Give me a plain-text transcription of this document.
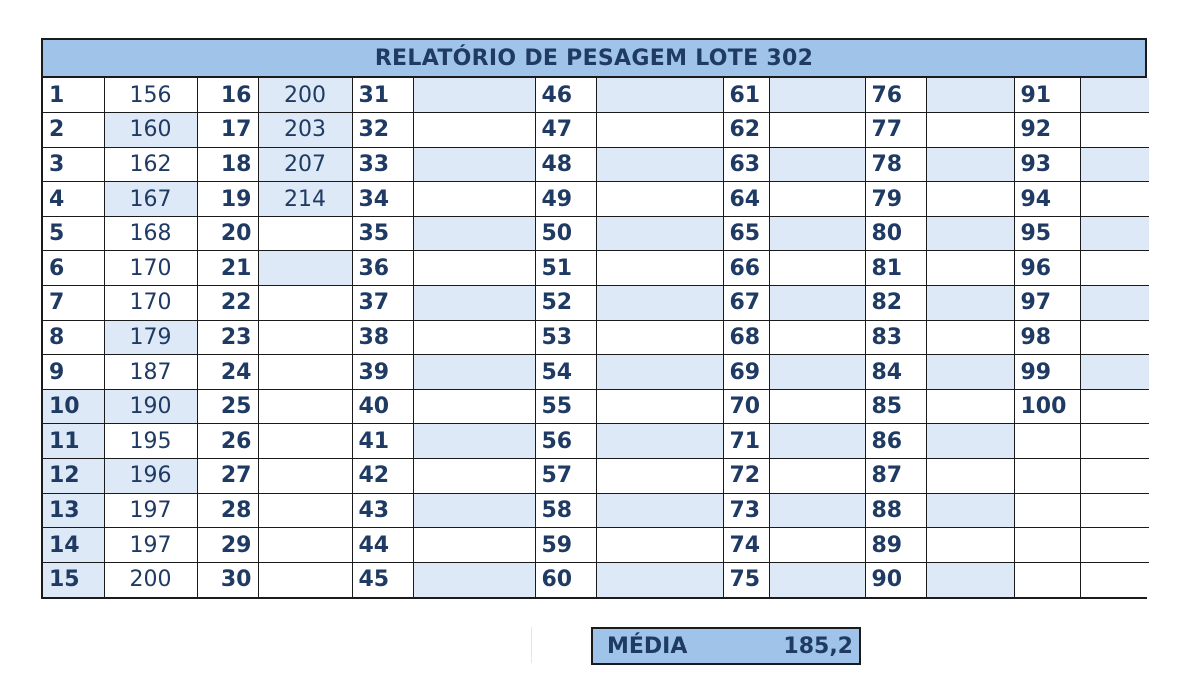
RELATÓRIO DE PESAGEM LOTE 302
1	156	16	200	31		46		61		76		91	
2	160	17	203	32		47		62		77		92	
3	162	18	207	33		48		63		78		93	
4	167	19	214	34		49		64		79		94	
5	168	20		35		50		65		80		95	
6	170	21		36		51		66		81		96	
7	170	22		37		52		67		82		97	
8	179	23		38		53		68		83		98	
9	187	24		39		54		69		84		99	
10	190	25		40		55		70		85		100	
11	195	26		41		56		71		86			
12	196	27		42		57		72		87			
13	197	28		43		58		73		88			
14	197	29		44		59		74		89			
15	200	30		45		60		75		90			
MÉDIA	185,2
